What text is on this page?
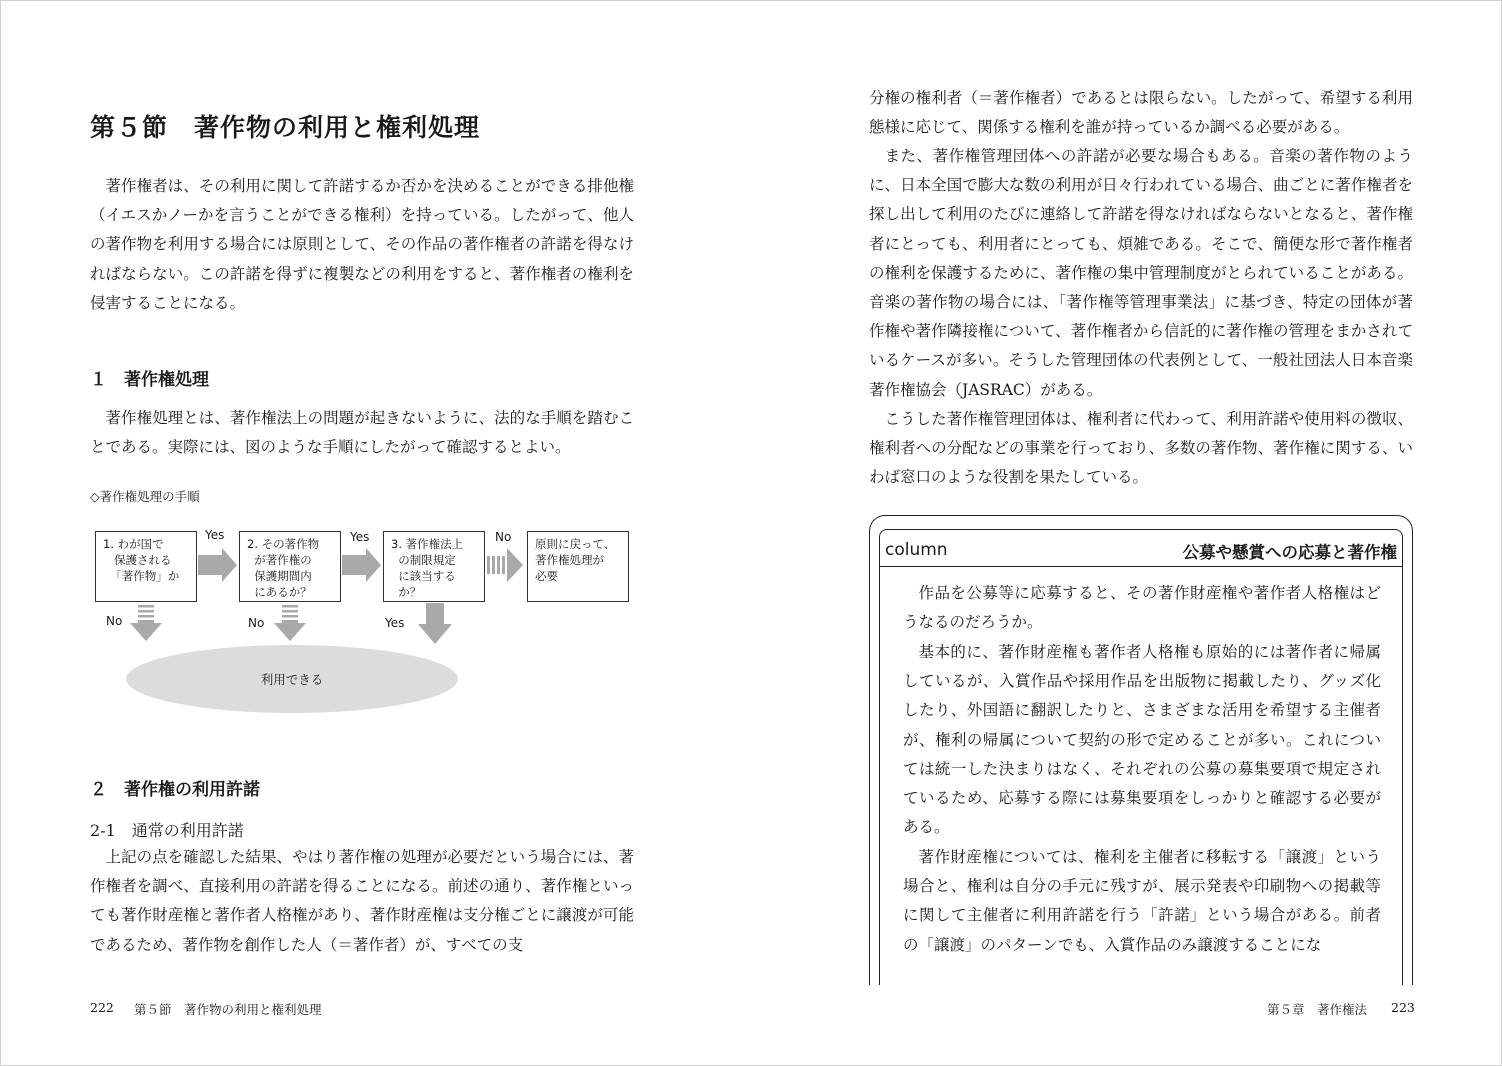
第５節　著作物の利用と権利処理

著作権者は、その利用に関して許諾するか否かを決めることができる排他権（イエスかノーかを言うことができる権利）を持っている。したがって、他人の著作物を利用する場合には原則として、その作品の著作権者の許諾を得なければならない。この許諾を得ずに複製などの利用をすると、著作権者の権利を侵害することになる。

１　著作権処理

著作権処理とは、著作権法上の問題が起きないように、法的な手順を踏むことである。実際には、図のような手順にしたがって確認するとよい。

◇著作権処理の手順
1. わが国で
保護される
「著作物」か
2. その著作物
が著作権の
保護期間内
にあるか？
3. 著作権法上
の制限規定
に該当する
か？
原則に戻って、
著作権処理が
必要
Yes	Yes	No
No	No	Yes
利用できる
２　著作権の利用許諾
2-1　通常の利用許諾

上記の点を確認した結果、やはり著作権の処理が必要だという場合には、著作権者を調べ、直接利用の許諾を得ることになる。前述の通り、著作権といっても著作財産権と著作者人格権があり、著作財産権は支分権ごとに譲渡が可能であるため、著作物を創作した人（＝著作者）が、すべての支

222 第５節　著作物の利用と権利処理

分権の権利者（＝著作権者）であるとは限らない。したがって、希望する利用態様に応じて、関係する権利を誰が持っているか調べる必要がある。

また、著作権管理団体への許諾が必要な場合もある。音楽の著作物のように、日本全国で膨大な数の利用が日々行われている場合、曲ごとに著作権者を探し出して利用のたびに連絡して許諾を得なければならないとなると、著作権者にとっても、利用者にとっても、煩雑である。そこで、簡便な形で著作権者の権利を保護するために、著作権の集中管理制度がとられていることがある。音楽の著作物の場合には、「著作権等管理事業法」に基づき、特定の団体が著作権や著作隣接権について、著作権者から信託的に著作権の管理をまかされているケースが多い。そうした管理団体の代表例として、一般社団法人日本音楽著作権協会（JASRAC）がある。

こうした著作権管理団体は、権利者に代わって、利用許諾や使用料の徴収、権利者への分配などの事業を行っており、多数の著作物、著作権に関する、いわば窓口のような役割を果たしている。

column	公募や懸賞への応募と著作権

作品を公募等に応募すると、その著作財産権や著作者人格権はどうなるのだろうか。

基本的に、著作財産権も著作者人格権も原始的には著作者に帰属しているが、入賞作品や採用作品を出版物に掲載したり、グッズ化したり、外国語に翻訳したりと、さまざまな活用を希望する主催者が、権利の帰属について契約の形で定めることが多い。これについては統一した決まりはなく、それぞれの公募の募集要項で規定されているため、応募する際には募集要項をしっかりと確認する必要がある。

著作財産権については、権利を主催者に移転する「譲渡」という場合と、権利は自分の手元に残すが、展示発表や印刷物への掲載等に関して主催者に利用許諾を行う「許諾」という場合がある。前者の「譲渡」のパターンでも、入賞作品のみ譲渡することにな

第５章　著作権法 223
